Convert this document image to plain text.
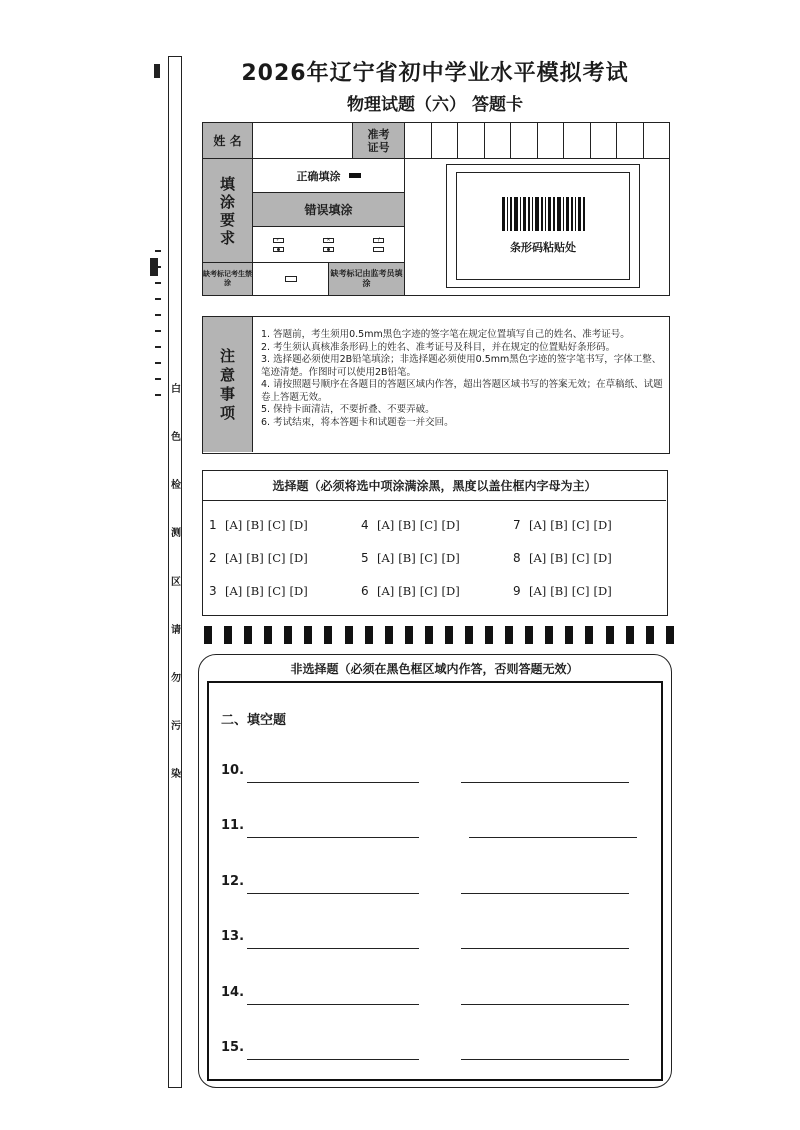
白
色
检
测
区
请
勿
污
染
2026年辽宁省初中学业水平模拟考试
物理试题（六） 答题卡
姓 名	准考
证号
填
涂
要
求
正确填涂
错误填涂
✓	✕	/
缺考标记考生禁涂
缺考标记由监考员填涂
条形码粘贴处
注
意
事
项
1. 答题前，考生须用0.5mm黑色字迹的签字笔在规定位置填写自己的姓名、准考证号。
2. 考生须认真核准条形码上的姓名、准考证号及科目，并在规定的位置贴好条形码。
3. 选择题必须使用2B铅笔填涂；非选择题必须使用0.5mm黑色字迹的签字笔书写，字体工整、笔迹清楚。作图时可以使用2B铅笔。
4. 请按照题号顺序在各题目的答题区域内作答，超出答题区域书写的答案无效；在草稿纸、试题卷上答题无效。
5. 保持卡面清洁，不要折叠、不要弄破。
6. 考试结束，将本答题卡和试题卷一并交回。
选择题（必须将选中项涂满涂黑，黑度以盖住框内字母为主）
1 [A] [B] [C] [D]	4 [A] [B] [C] [D]	7 [A] [B] [C] [D]
2 [A] [B] [C] [D]	5 [A] [B] [C] [D]	8 [A] [B] [C] [D]
3 [A] [B] [C] [D]	6 [A] [B] [C] [D]	9 [A] [B] [C] [D]
非选择题（必须在黑色框区域内作答，否则答题无效）
二、填空题
10.
11.
12.
13.
14.
15.
